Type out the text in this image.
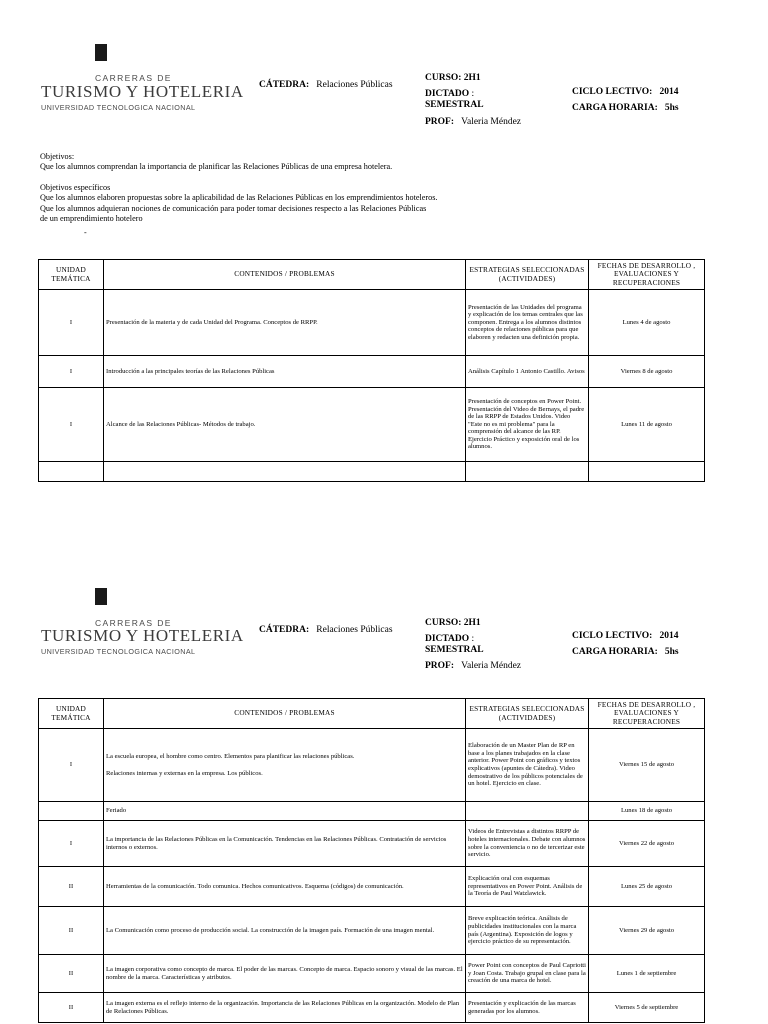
CARRERAS DE
TURISMO Y HOTELERIA
UNIVERSIDAD TECNOLOGICA NACIONAL
CÁTEDRA: Relaciones Públicas
CURSO: 2H1
DICTADO :
SEMESTRAL
PROF: Valeria Méndez
CICLO LECTIVO: 2014
CARGA HORARIA: 5hs
Objetivos:
Que los alumnos comprendan la importancia de planificar las Relaciones Públicas de una empresa hotelera.
Objetivos específicos
Que los alumnos elaboren propuestas sobre la aplicabilidad de las Relaciones Públicas en los emprendimientos hoteleros.
Que los alumnos adquieran nociones de comunicación para poder tomar decisiones respecto a las Relaciones Públicas
de un emprendimiento hotelero
-
UNIDAD TEMÁTICA	CONTENIDOS / PROBLEMAS	ESTRATEGIAS SELECCIONADAS (ACTIVIDADES)	FECHAS DE DESARROLLO , EVALUACIONES Y RECUPERACIONES
I	Presentación de la materia y de cada Unidad del Programa. Conceptos de RRPP.	Presentación de las Unidades del programa y explicación de los temas centrales que las componen. Entrega a los alumnos distintos conceptos de relaciones públicas para que elaboren y redacten una definición propia.	Lunes 4 de agosto
I	Introducción a las principales teorías de las Relaciones Públicas	Análisis Capítulo 1 Antonio Castillo. Avisos	Viernes 8 de agosto
I	Alcance de las Relaciones Públicas- Métodos de trabajo.	Presentación de conceptos en Power Point. Presentación del Video de Bernays, el padre de las RRPP de Estados Unidos. Video "Este no es mi problema" para la comprensión del alcance de las RP. Ejercicio Práctico y exposición oral de los alumnos.	Lunes 11 de agosto

CARRERAS DE
TURISMO Y HOTELERIA
UNIVERSIDAD TECNOLOGICA NACIONAL
CÁTEDRA: Relaciones Públicas
CURSO: 2H1
DICTADO :
SEMESTRAL
PROF: Valeria Méndez
CICLO LECTIVO: 2014
CARGA HORARIA: 5hs
UNIDAD TEMÁTICA	CONTENIDOS / PROBLEMAS	ESTRATEGIAS SELECCIONADAS (ACTIVIDADES)	FECHAS DE DESARROLLO , EVALUACIONES Y RECUPERACIONES
I	La escuela europea, el hombre como centro. Elementos para planificar las relaciones públicas.
Relaciones internas y externas en la empresa. Los públicos.	Elaboración de un Master Plan de RP en base a los planes trabajados en la clase anterior. Power Point con gráficos y textos explicativos (apuntes de Cátedra). Video demostrativo de los públicos potenciales de un hotel. Ejercicio en clase.	Viernes 15 de agosto
	Feriado		Lunes 18 de agosto
I	La importancia de las Relaciones Públicas en la Comunicación. Tendencias en las Relaciones Públicas. Contratación de servicios internos o externos.	Videos de Entrevistas a distintos RRPP de hoteles internacionales. Debate con alumnos sobre la conveniencia o no de tercerizar este servicio.	Viernes 22 de agosto
II	Herramientas de la comunicación. Todo comunica. Hechos comunicativos. Esquema (códigos) de comunicación.	Explicación oral con esquemas representativos en Power Point. Análisis de la Teoría de Paul Watzlawick.	Lunes 25 de agosto
II	La Comunicación como proceso de producción social. La construcción de la imagen país. Formación de una imagen mental.	Breve explicación teórica. Análisis de publicidades institucionales con la marca país (Argentina). Exposición de logos y ejercicio práctico de su representación.	Viernes 29 de agosto
II	La imagen corporativa como concepto de marca. El poder de las marcas. Concepto de marca. Espacio sonoro y visual de las marcas. El nombre de la marca. Características y atributos.	Power Point con conceptos de Paul Capriotti y Joan Costa. Trabajo grupal en clase para la creación de una marca de hotel.	Lunes 1 de septiembre
II	La imagen externa es el reflejo interno de la organización. Importancia de las Relaciones Públicas en la organización. Modelo de Plan de Relaciones Públicas.	Presentación y explicación de las marcas generadas por los alumnos.	Viernes 5 de septiembre
